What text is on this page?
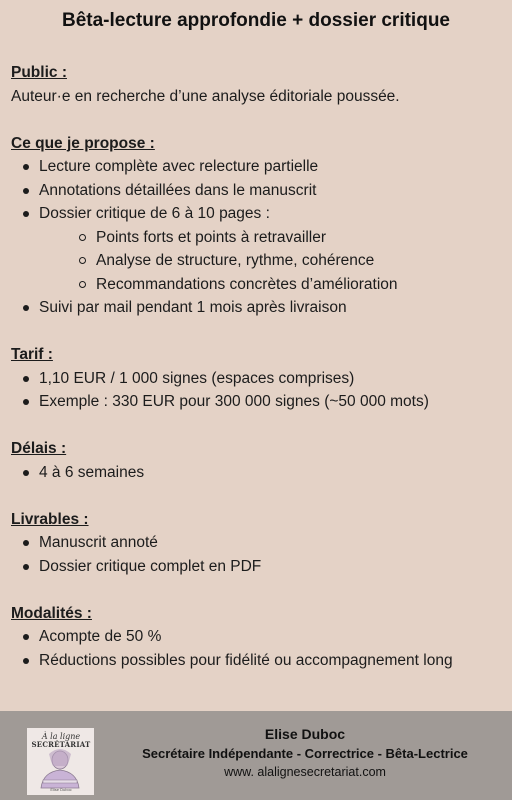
Bêta-lecture approfondie + dossier critique
Public :
Auteur·e en recherche d’une analyse éditoriale poussée.
Ce que je propose :
Lecture complète avec relecture partielle
Annotations détaillées dans le manuscrit
Dossier critique de 6 à 10 pages :
Points forts et points à retravailler
Analyse de structure, rythme, cohérence
Recommandations concrètes d’amélioration
Suivi par mail pendant 1 mois après livraison
Tarif :
1,10 EUR / 1 000 signes (espaces comprises)
Exemple : 330 EUR pour 300 000 signes (~50 000 mots)
Délais :
4 à 6 semaines
Livrables :
Manuscrit annoté
Dossier critique complet en PDF
Modalités :
Acompte de 50 %
Réductions possibles pour fidélité ou accompagnement long
À la ligne
SECRÉTARIAT
Elise Duboc
Elise Duboc
Secrétaire Indépendante - Correctrice - Bêta-Lectrice
www. alalignesecretariat.com
